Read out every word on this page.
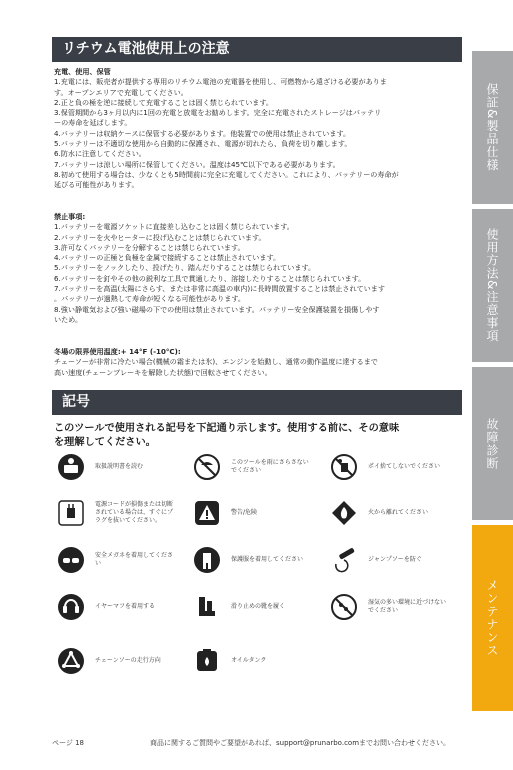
リチウム電池使用上の注意
充電、使用、保管
1.充電には、販売者が提供する専用のリチウム電池の充電器を使用し、可燃物から遠ざける必要がありま
す。オープンエリアで充電してください。
2.正と負の極を逆に接続して充電することは固く禁じられています。
3.保管期間から3ヶ月以内に1回の充電と放電をお勧めします。完全に充電されたストレージはバッテリ
ーの寿命を延ばします。
4.バッテリーは収納ケースに保管する必要があります。他装置での使用は禁止されています。
5.バッテリーは不適切な使用から自動的に保護され、電源が切れたら、負荷を切り離します。
6.防水に注意してください。
7.バッテリーは涼しい場所に保管してください。温度は45℃以下である必要があります。
8.初めて使用する場合は、少なくとも5時間前に完全に充電してください。これにより、バッテリーの寿命が
延びる可能性があります。
禁止事項:
1.バッテリーを電源ソケットに直接差し込むことは固く禁じられています。
2.バッテリーを火やヒーターに投げ込むことは禁じられています。
3.許可なくバッテリーを分解することは禁じられています。
4.バッテリーの正極と負極を金属で接続することは禁止されています。
5.バッテリーをノックしたり、投げたり、踏んだりすることは禁じられています。
6.バッテリーを釘やその他の鋭利な工具で貫通したり、溶接したりすることは禁じられています。
7.バッテリーを高温(太陽にさらす、または非常に高温の車内)に長時間放置することは禁止されています
。バッテリーが過熱して寿命が短くなる可能性があります。
8.強い静電気および強い磁場の下での使用は禁止されています。バッテリー安全保護装置を損傷しやす
いため。
冬場の限界使用温度:+ 14°F (-10°C):
チェーソーが非常に冷たい場合(機械の霜または氷)、エンジンを始動し、通常の動作温度に達するまで
高い速度(チェーンブレーキを解除した状態)で回転させてください。
記号
このツールで使用される記号を下記通り示します。使用する前に、その意味
を理解してください。
取扱説明書を読む
このツールを雨にさらさないでください
ポイ捨てしないでください
電源コードが損傷または切断されている場合は、すぐにプラグを抜いてください。
警告/危険	火から離れてください
安全メガネを着用してください
保護服を着用してください	ジャンプソーを防ぐ
イヤーマフを着用する	滑り止めの靴を履く
湿気の多い環境に近づけないでください
チェーンソーの走行方向	オイルタンク
保証&製品仕様
使用方法&注意事項
故障診断
メンテナンス
ページ 18	商品に関するご質問やご要望があれば、support@prunarbo.comまでお問い合わせください。
